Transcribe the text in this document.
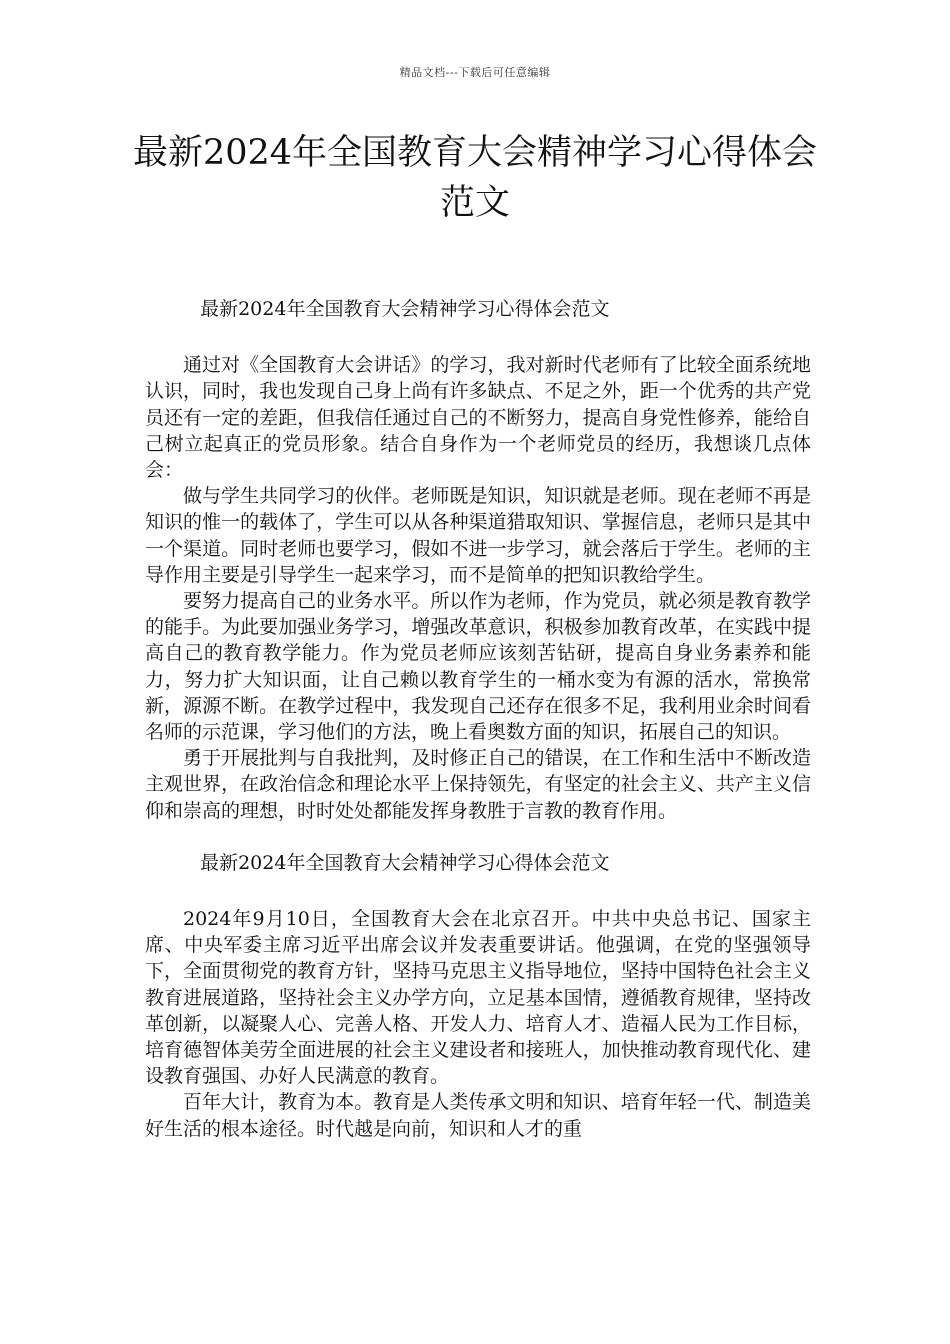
精品文档---下载后可任意编辑
最新2024年全国教育大会精神学习心得体会范文
最新2024年全国教育大会精神学习心得体会范文

通过对《全国教育大会讲话》的学习，我对新时代老师有了比较全面系统地认识，同时，我也发现自己身上尚有许多缺点、不足之外，距一个优秀的共产党员还有一定的差距，但我信任通过自己的不断努力，提高自身党性修养，能给自己树立起真正的党员形象。结合自身作为一个老师党员的经历，我想谈几点体会：

做与学生共同学习的伙伴。老师既是知识，知识就是老师。现在老师不再是知识的惟一的载体了，学生可以从各种渠道猎取知识、掌握信息，老师只是其中一个渠道。同时老师也要学习，假如不进一步学习，就会落后于学生。老师的主导作用主要是引导学生一起来学习，而不是简单的把知识教给学生。

要努力提高自己的业务水平。所以作为老师，作为党员，就必须是教育教学的能手。为此要加强业务学习，增强改革意识，积极参加教育改革，在实践中提高自己的教育教学能力。作为党员老师应该刻苦钻研，提高自身业务素养和能力，努力扩大知识面，让自己赖以教育学生的一桶水变为有源的活水，常换常新，源源不断。在教学过程中，我发现自己还存在很多不足，我利用业余时间看名师的示范课，学习他们的方法，晚上看奥数方面的知识，拓展自己的知识。

勇于开展批判与自我批判，及时修正自己的错误，在工作和生活中不断改造主观世界，在政治信念和理论水平上保持领先，有坚定的社会主义、共产主义信仰和崇高的理想，时时处处都能发挥身教胜于言教的教育作用。

最新2024年全国教育大会精神学习心得体会范文

2024年9月10日，全国教育大会在北京召开。中共中央总书记、国家主席、中央军委主席习近平出席会议并发表重要讲话。他强调，在党的坚强领导下，全面贯彻党的教育方针，坚持马克思主义指导地位，坚持中国特色社会主义教育进展道路，坚持社会主义办学方向，立足基本国情，遵循教育规律，坚持改革创新，以凝聚人心、完善人格、开发人力、培育人才、造福人民为工作目标，培育德智体美劳全面进展的社会主义建设者和接班人，加快推动教育现代化、建设教育强国、办好人民满意的教育。

百年大计，教育为本。教育是人类传承文明和知识、培育年轻一代、制造美好生活的根本途径。时代越是向前，知识和人才的重
